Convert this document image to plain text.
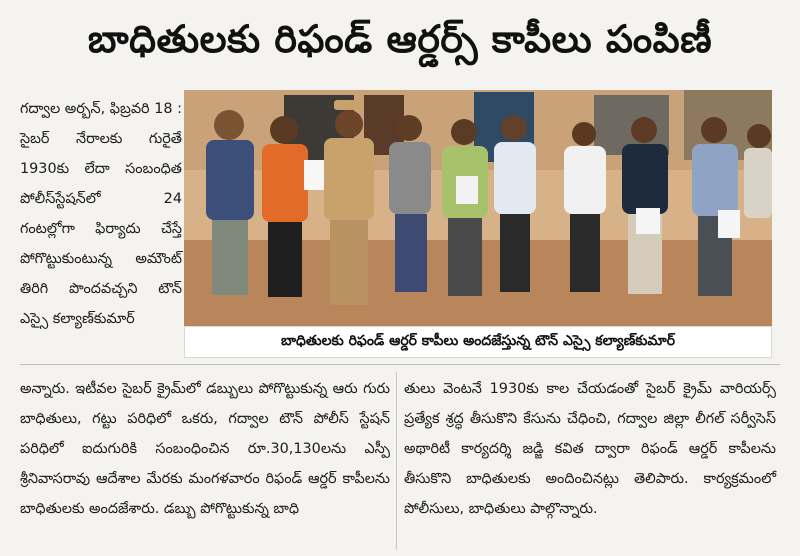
బాధితులకు రిఫండ్ ఆర్డర్స్ కాపీలు పంపిణీ
గద్వాల అర్బన్, ఫిబ్రవరి 18 : సైబర్ నేరాలకు గురైతే 1930కు లేదా సంబంధిత పోలీస్‌స్టేషన్‌లో 24 గంటల్లోగా ఫిర్యాదు చేస్తే పోగొట్టుకుంటున్న అమౌంట్ తిరిగి పొందవచ్చని టౌన్ ఎస్సై కల్యాణ్‌కుమార్
బాధితులకు రిఫండ్ ఆర్డర్ కాపీలు అందజేస్తున్న టౌన్ ఎస్సై కల్యాణ్‌కుమార్
అన్నారు. ఇటీవల సైబర్ క్రైమ్‌లో డబ్బులు పోగొట్టుకున్న ఆరు గురు బాధితులు, గట్టు పరిధిలో ఒకరు, గద్వాల టౌన్ పోలీస్ స్టేషన్ పరిధిలో ఐదుగురికి సంబంధించిన రూ.30,130లను ఎస్పీ శ్రీనివాసరావు ఆదేశాల మేరకు మంగళవారం రిఫండ్ ఆర్డర్ కాపీలను బాధితులకు అందజేశారు. డబ్బు పోగొట్టుకున్న బాధి
తులు వెంటనే 1930కు కాల చేయడంతో సైబర్ క్రైమ్ వారియర్స్ ప్రత్యేక శ్రద్ధ తీసుకొని కేసును చేధించి, గద్వాల జిల్లా లీగల్ సర్వీసెస్ అథారిటీ కార్యదర్శి జడ్జి కవిత ద్వారా రిఫండ్ ఆర్డర్ కాపీలను తీసుకొని బాధితులకు అందించినట్లు తెలిపారు. కార్యక్రమంలో పోలీసులు, బాధితులు పాల్గొన్నారు.
